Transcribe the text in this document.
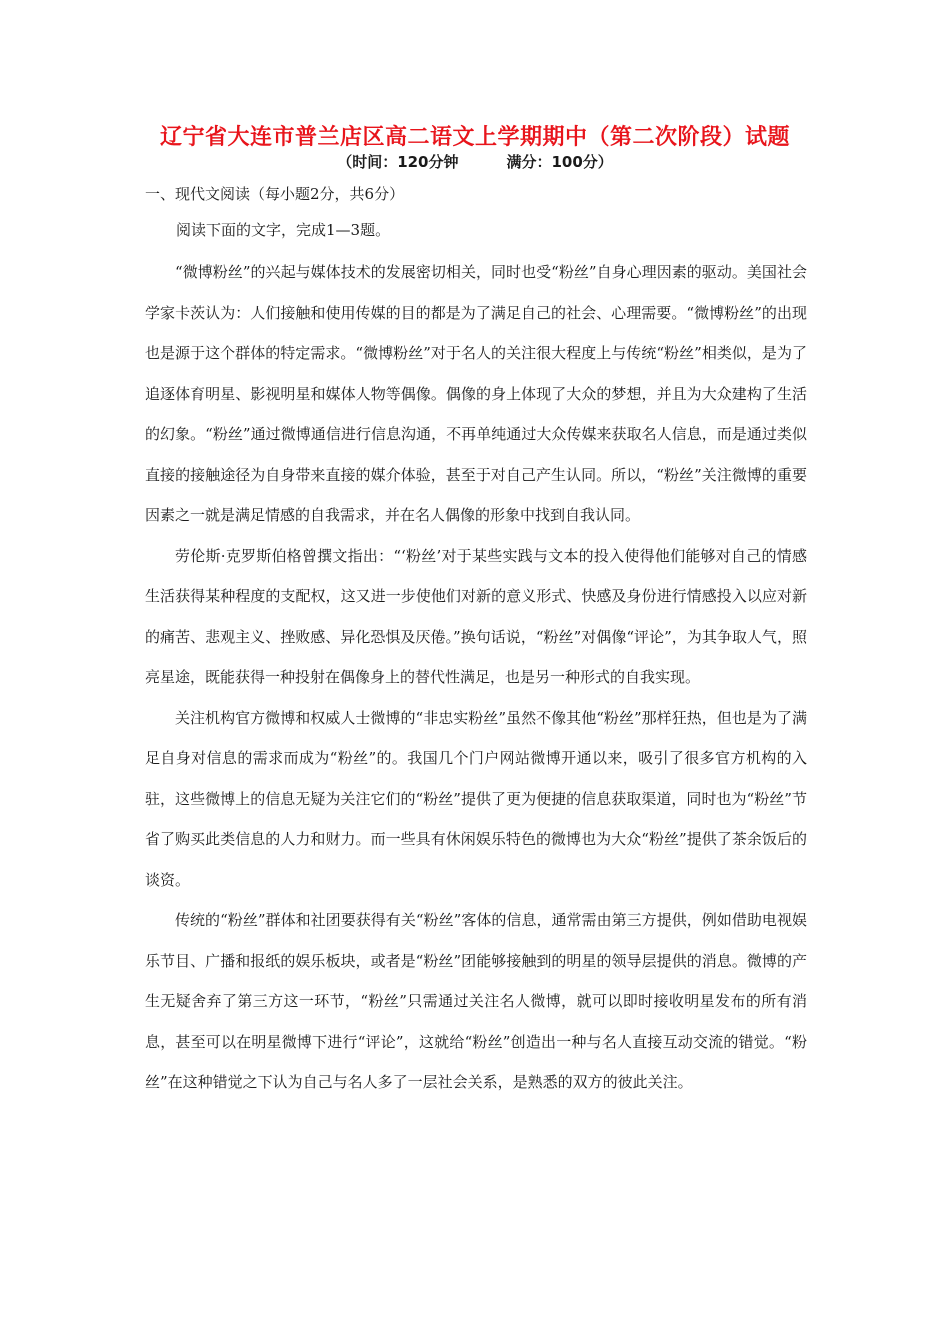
辽宁省大连市普兰店区高二语文上学期期中（第二次阶段）试题
（时间：120分钟	满分：100分）
一、现代文阅读（每小题2分，共6分）
阅读下面的文字，完成1—3题。

“微博粉丝”的兴起与媒体技术的发展密切相关，同时也受“粉丝”自身心理因素的驱动。美国社会学家卡茨认为：人们接触和使用传媒的目的都是为了满足自己的社会、心理需要。“微博粉丝”的出现也是源于这个群体的特定需求。“微博粉丝”对于名人的关注很大程度上与传统“粉丝”相类似，是为了追逐体育明星、影视明星和媒体人物等偶像。偶像的身上体现了大众的梦想，并且为大众建构了生活的幻象。“粉丝”通过微博通信进行信息沟通，不再单纯通过大众传媒来获取名人信息，而是通过类似直接的接触途径为自身带来直接的媒介体验，甚至于对自己产生认同。所以，“粉丝”关注微博的重要因素之一就是满足情感的自我需求，并在名人偶像的形象中找到自我认同。

劳伦斯·克罗斯伯格曾撰文指出：“‘粉丝’对于某些实践与文本的投入使得他们能够对自己的情感生活获得某种程度的支配权，这又进一步使他们对新的意义形式、快感及身份进行情感投入以应对新的痛苦、悲观主义、挫败感、异化恐惧及厌倦。”换句话说，“粉丝”对偶像“评论”，为其争取人气，照亮星途，既能获得一种投射在偶像身上的替代性满足，也是另一种形式的自我实现。

关注机构官方微博和权威人士微博的“非忠实粉丝”虽然不像其他“粉丝”那样狂热，但也是为了满足自身对信息的需求而成为“粉丝”的。我国几个门户网站微博开通以来，吸引了很多官方机构的入驻，这些微博上的信息无疑为关注它们的“粉丝”提供了更为便捷的信息获取渠道，同时也为“粉丝”节省了购买此类信息的人力和财力。而一些具有休闲娱乐特色的微博也为大众“粉丝”提供了茶余饭后的谈资。

传统的“粉丝”群体和社团要获得有关“粉丝”客体的信息，通常需由第三方提供，例如借助电视娱乐节目、广播和报纸的娱乐板块，或者是“粉丝”团能够接触到的明星的领导层提供的消息。微博的产生无疑舍弃了第三方这一环节，“粉丝”只需通过关注名人微博，就可以即时接收明星发布的所有消息，甚至可以在明星微博下进行“评论”，这就给“粉丝”创造出一种与名人直接互动交流的错觉。“粉丝”在这种错觉之下认为自己与名人多了一层社会关系，是熟悉的双方的彼此关注。
